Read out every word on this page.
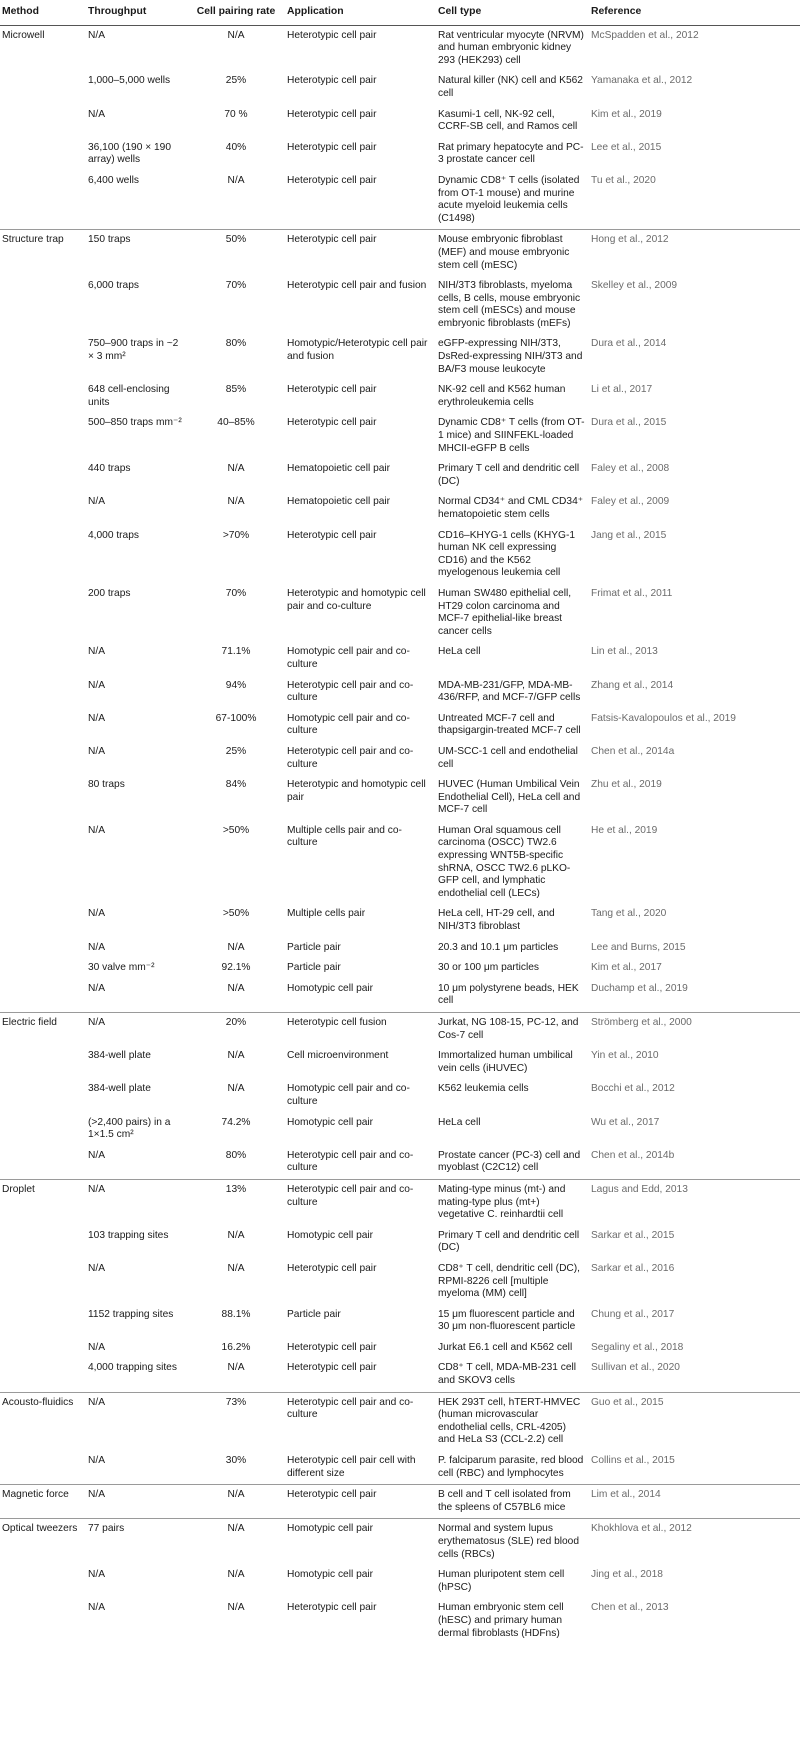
Method	Throughput	Cell pairing rate	Application	Cell type	Reference
Microwell	N/A	N/A	Heterotypic cell pair	Rat ventricular myocyte (NRVM) and human embryonic kidney 293 (HEK293) cell	McSpadden et al., 2012
	1,000–5,000 wells	25%	Heterotypic cell pair	Natural killer (NK) cell and K562 cell	Yamanaka et al., 2012
	N/A	70 %	Heterotypic cell pair	Kasumi-1 cell, NK-92 cell, CCRF-SB cell, and Ramos cell	Kim et al., 2019
	36,100 (190 × 190 array) wells	40%	Heterotypic cell pair	Rat primary hepatocyte and PC-3 prostate cancer cell	Lee et al., 2015
	6,400 wells	N/A	Heterotypic cell pair	Dynamic CD8⁺ T cells (isolated from OT-1 mouse) and murine acute myeloid leukemia cells (C1498)	Tu et al., 2020
Structure trap	150 traps	50%	Heterotypic cell pair	Mouse embryonic fibroblast (MEF) and mouse embryonic stem cell (mESC)	Hong et al., 2012
	6,000 traps	70%	Heterotypic cell pair and fusion	NIH/3T3 fibroblasts, myeloma cells, B cells, mouse embryonic stem cell (mESCs) and mouse embryonic fibroblasts (mEFs)	Skelley et al., 2009
	750–900 traps in ~2 × 3 mm²	80%	Homotypic/Heterotypic cell pair and fusion	eGFP-expressing NIH/3T3, DsRed-expressing NIH/3T3 and BA/F3 mouse leukocyte	Dura et al., 2014
	648 cell-enclosing units	85%	Heterotypic cell pair	NK-92 cell and K562 human erythroleukemia cells	Li et al., 2017
	500–850 traps mm⁻²	40–85%	Heterotypic cell pair	Dynamic CD8⁺ T cells (from OT-1 mice) and SIINFEKL-loaded MHCII-eGFP B cells	Dura et al., 2015
	440 traps	N/A	Hematopoietic cell pair	Primary T cell and dendritic cell (DC)	Faley et al., 2008
	N/A	N/A	Hematopoietic cell pair	Normal CD34⁺ and CML CD34⁺ hematopoietic stem cells	Faley et al., 2009
	4,000 traps	>70%	Heterotypic cell pair	CD16–KHYG-1 cells (KHYG-1 human NK cell expressing CD16) and the K562 myelogenous leukemia cell	Jang et al., 2015
	200 traps	70%	Heterotypic and homotypic cell pair and co-culture	Human SW480 epithelial cell, HT29 colon carcinoma and MCF-7 epithelial-like breast cancer cells	Frimat et al., 2011
	N/A	71.1%	Homotypic cell pair and co-culture	HeLa cell	Lin et al., 2013
	N/A	94%	Heterotypic cell pair and co-culture	MDA-MB-231/GFP, MDA-MB-436/RFP, and MCF-7/GFP cells	Zhang et al., 2014
	N/A	67-100%	Homotypic cell pair and co-culture	Untreated MCF-7 cell and thapsigargin-treated MCF-7 cell	Fatsis-Kavalopoulos et al., 2019
	N/A	25%	Heterotypic cell pair and co-culture	UM-SCC-1 cell and endothelial cell	Chen et al., 2014a
	80 traps	84%	Heterotypic and homotypic cell pair	HUVEC (Human Umbilical Vein Endothelial Cell), HeLa cell and MCF-7 cell	Zhu et al., 2019
	N/A	>50%	Multiple cells pair and co-culture	Human Oral squamous cell carcinoma (OSCC) TW2.6 expressing WNT5B-specific shRNA, OSCC TW2.6 pLKO-GFP cell, and lymphatic endothelial cell (LECs)	He et al., 2019
	N/A	>50%	Multiple cells pair	HeLa cell, HT-29 cell, and NIH/3T3 fibroblast	Tang et al., 2020
	N/A	N/A	Particle pair	20.3 and 10.1 μm particles	Lee and Burns, 2015
	30 valve mm⁻²	92.1%	Particle pair	30 or 100 μm particles	Kim et al., 2017
	N/A	N/A	Homotypic cell pair	10 μm polystyrene beads, HEK cell	Duchamp et al., 2019
Electric field	N/A	20%	Heterotypic cell fusion	Jurkat, NG 108-15, PC-12, and Cos-7 cell	Strömberg et al., 2000
	384-well plate	N/A	Cell microenvironment	Immortalized human umbilical vein cells (iHUVEC)	Yin et al., 2010
	384-well plate	N/A	Homotypic cell pair and co-culture	K562 leukemia cells	Bocchi et al., 2012
	(>2,400 pairs) in a 1×1.5 cm²	74.2%	Homotypic cell pair	HeLa cell	Wu et al., 2017
	N/A	80%	Heterotypic cell pair and co-culture	Prostate cancer (PC-3) cell and myoblast (C2C12) cell	Chen et al., 2014b
Droplet	N/A	13%	Heterotypic cell pair and co-culture	Mating-type minus (mt-) and mating-type plus (mt+) vegetative C. reinhardtii cell	Lagus and Edd, 2013
	103 trapping sites	N/A	Homotypic cell pair	Primary T cell and dendritic cell (DC)	Sarkar et al., 2015
	N/A	N/A	Heterotypic cell pair	CD8⁺ T cell, dendritic cell (DC), RPMI-8226 cell [multiple myeloma (MM) cell]	Sarkar et al., 2016
	1152 trapping sites	88.1%	Particle pair	15 μm fluorescent particle and 30 μm non-fluorescent particle	Chung et al., 2017
	N/A	16.2%	Heterotypic cell pair	Jurkat E6.1 cell and K562 cell	Segaliny et al., 2018
	4,000 trapping sites	N/A	Heterotypic cell pair	CD8⁺ T cell, MDA-MB-231 cell and SKOV3 cells	Sullivan et al., 2020
Acousto-fluidics	N/A	73%	Heterotypic cell pair and co-culture	HEK 293T cell, hTERT-HMVEC (human microvascular endothelial cells, CRL-4205) and HeLa S3 (CCL-2.2) cell	Guo et al., 2015
	N/A	30%	Heterotypic cell pair cell with different size	P. falciparum parasite, red blood cell (RBC) and lymphocytes	Collins et al., 2015
Magnetic force	N/A	N/A	Heterotypic cell pair	B cell and T cell isolated from the spleens of C57BL6 mice	Lim et al., 2014
Optical tweezers	77 pairs	N/A	Homotypic cell pair	Normal and system lupus erythematosus (SLE) red blood cells (RBCs)	Khokhlova et al., 2012
	N/A	N/A	Homotypic cell pair	Human pluripotent stem cell (hPSC)	Jing et al., 2018
	N/A	N/A	Heterotypic cell pair	Human embryonic stem cell (hESC) and primary human dermal fibroblasts (HDFns)	Chen et al., 2013
